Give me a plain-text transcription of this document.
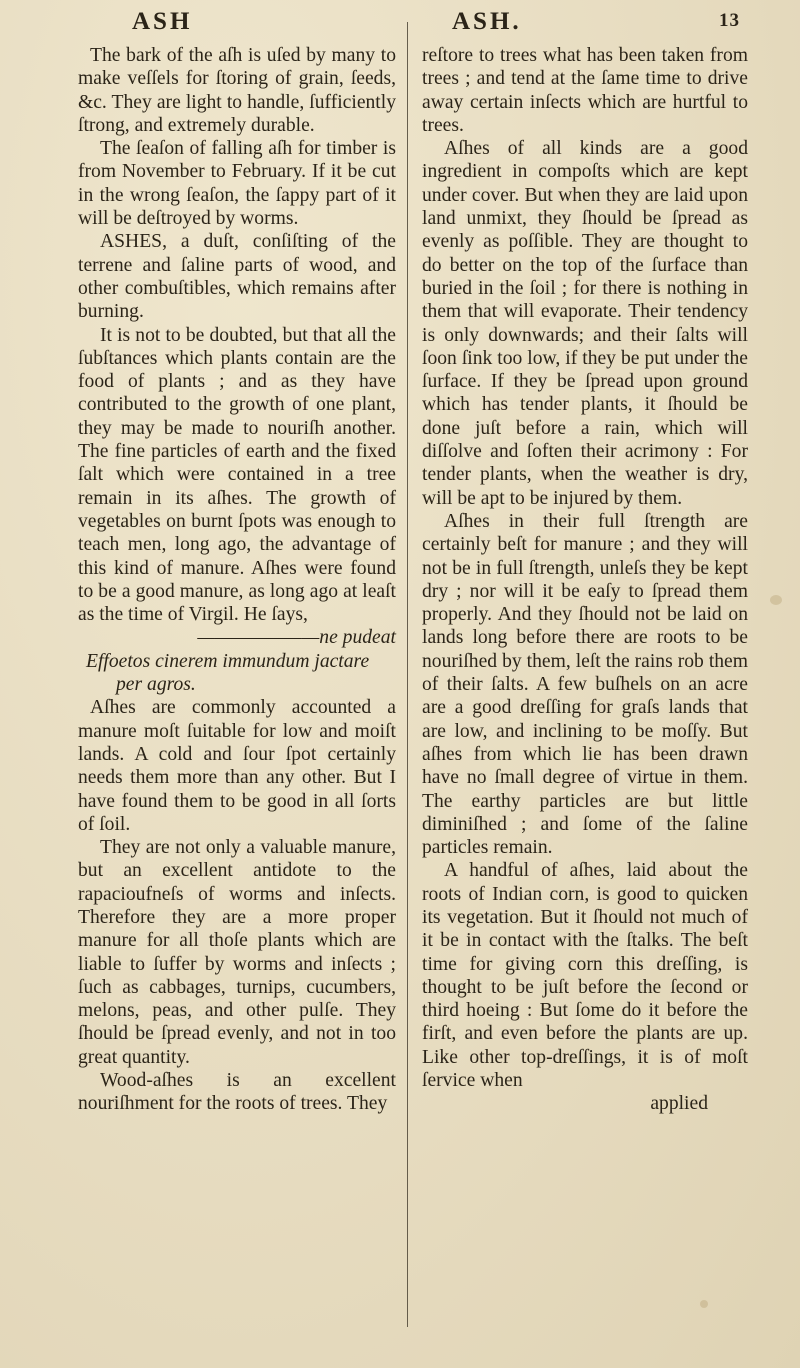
ASH

The bark of the aſh is uſed by many to make veſſels for ſtoring of grain, ſeeds, &c. They are light to handle, ſufficiently ſtrong, and extremely durable.

The ſeaſon of falling aſh for timber is from November to February. If it be cut in the wrong ſeaſon, the ſappy part of it will be deſtroyed by worms.

ASHES, a duſt, conſiſting of the terrene and ſaline parts of wood, and other combuſtibles, which remains after burning.

It is not to be doubted, but that all the ſubſtances which plants contain are the food of plants ; and as they have contributed to the growth of one plant, they may be made to nouriſh another. The fine particles of earth and the fixed ſalt which were contained in a tree remain in its aſhes. The growth of vegetables on burnt ſpots was enough to teach men, long ago, the advantage of this kind of manure. Aſhes were found to be a good manure, as long ago at leaſt as the time of Virgil. He ſays,

———————ne pudeat

Effoetos cinerem immundum jactare

per agros.

Aſhes are commonly accounted a manure moſt ſuitable for low and moiſt lands. A cold and ſour ſpot certainly needs them more than any other. But I have found them to be good in all ſorts of ſoil.

They are not only a valuable manure, but an excellent antidote to the rapacioufneſs of worms and inſects. Therefore they are a more proper manure for all thoſe plants which are liable to ſuffer by worms and inſects ; ſuch as cabbages, turnips, cucumbers, melons, peas, and other pulſe. They ſhould be ſpread evenly, and not in too great quantity.

Wood-aſhes is an excellent nouriſhment for the roots of trees. They

ASH.	13

reſtore to trees what has been taken from trees ; and tend at the ſame time to drive away certain inſects which are hurtful to trees.

Aſhes of all kinds are a good ingredient in compoſts which are kept under cover. But when they are laid upon land unmixt, they ſhould be ſpread as evenly as poſſible. They are thought to do better on the top of the ſurface than buried in the ſoil ; for there is nothing in them that will evaporate. Their tendency is only downwards; and their ſalts will ſoon ſink too low, if they be put under the ſurface. If they be ſpread upon ground which has tender plants, it ſhould be done juſt before a rain, which will diſſolve and ſoften their acrimony : For tender plants, when the weather is dry, will be apt to be injured by them.

Aſhes in their full ſtrength are certainly beſt for manure ; and they will not be in full ſtrength, unleſs they be kept dry ; nor will it be eaſy to ſpread them properly. And they ſhould not be laid on lands long before there are roots to be nouriſhed by them, leſt the rains rob them of their ſalts. A few buſhels on an acre are a good dreſſing for graſs lands that are low, and inclining to be moſſy. But aſhes from which lie has been drawn have no ſmall degree of virtue in them. The earthy particles are but little diminiſhed ; and ſome of the ſaline particles remain.

A handful of aſhes, laid about the roots of Indian corn, is good to quicken its vegetation. But it ſhould not much of it be in contact with the ſtalks. The beſt time for giving corn this dreſſing, is thought to be juſt before the ſecond or third hoeing : But ſome do it before the firſt, and even before the plants are up. Like other top-dreſſings, it is of moſt ſervice when

applied
